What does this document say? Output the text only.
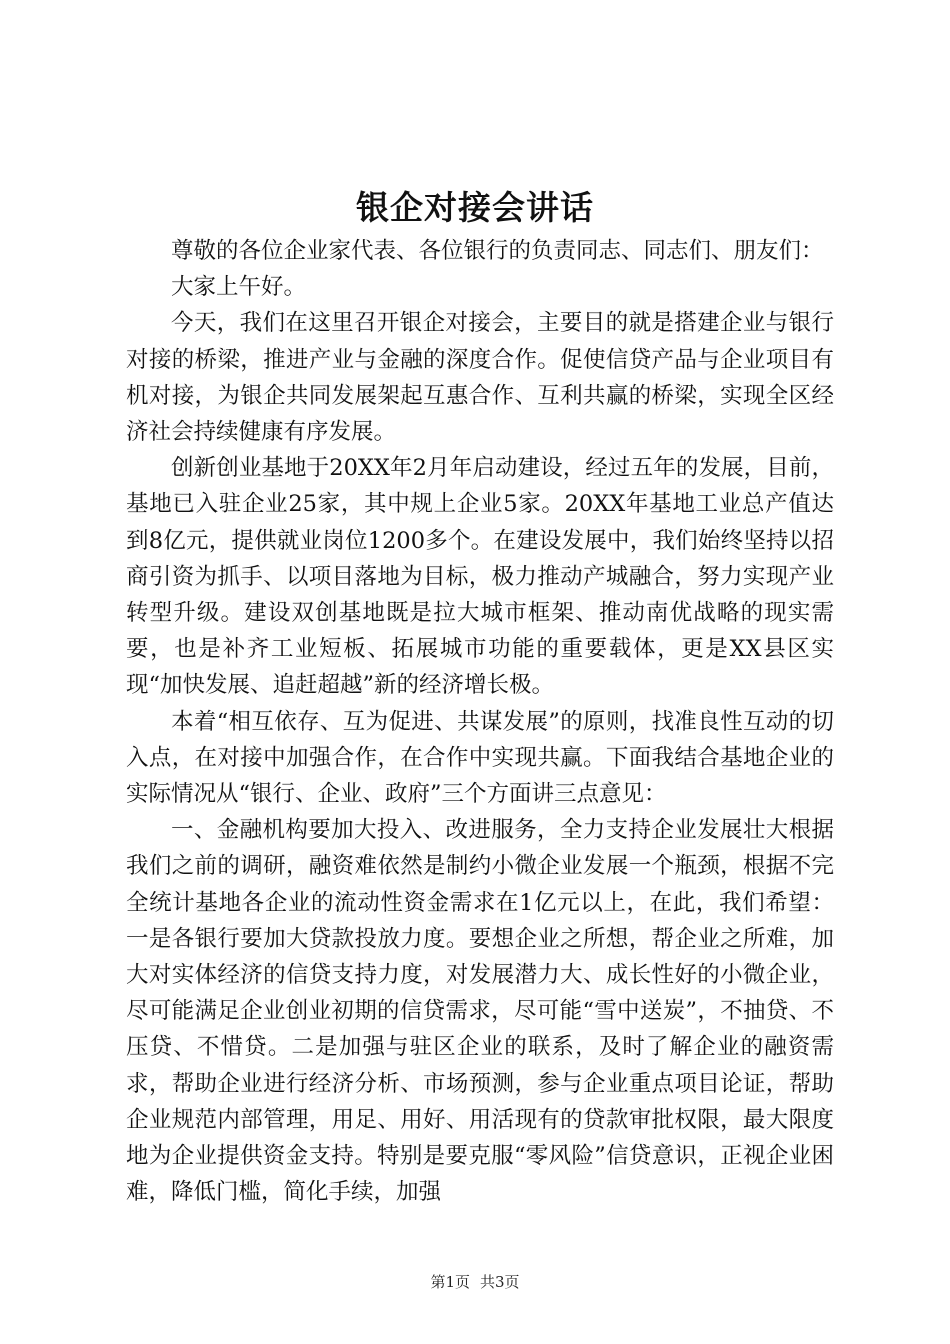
银企对接会讲话

尊敬的各位企业家代表、各位银行的负责同志、同志们、朋友们：

大家上午好。

今天，我们在这里召开银企对接会，主要目的就是搭建企业与银行对接的桥梁，推进产业与金融的深度合作。促使信贷产品与企业项目有机对接，为银企共同发展架起互惠合作、互利共赢的桥梁，实现全区经济社会持续健康有序发展。

创新创业基地于20XX年2月年启动建设，经过五年的发展，目前，基地已入驻企业25家，其中规上企业5家。20XX年基地工业总产值达到8亿元，提供就业岗位1200多个。在建设发展中，我们始终坚持以招商引资为抓手、以项目落地为目标，极力推动产城融合，努力实现产业转型升级。建设双创基地既是拉大城市框架、推动南优战略的现实需要，也是补齐工业短板、拓展城市功能的重要载体，更是XX县区实现“加快发展、追赶超越”新的经济增长极。

本着“相互依存、互为促进、共谋发展”的原则，找准良性互动的切入点，在对接中加强合作，在合作中实现共赢。下面我结合基地企业的实际情况从“银行、企业、政府”三个方面讲三点意见：

一、金融机构要加大投入、改进服务，全力支持企业发展壮大根据我们之前的调研，融资难依然是制约小微企业发展一个瓶颈，根据不完全统计基地各企业的流动性资金需求在1亿元以上，在此，我们希望：一是各银行要加大贷款投放力度。要想企业之所想，帮企业之所难，加大对实体经济的信贷支持力度，对发展潜力大、成长性好的小微企业，尽可能满足企业创业初期的信贷需求，尽可能“雪中送炭”，不抽贷、不压贷、不惜贷。二是加强与驻区企业的联系，及时了解企业的融资需求，帮助企业进行经济分析、市场预测，参与企业重点项目论证，帮助企业规范内部管理，用足、用好、用活现有的贷款审批权限，最大限度地为企业提供资金支持。特别是要克服“零风险”信贷意识，正视企业困难，降低门槛，简化手续，加强

第1页 共3页
